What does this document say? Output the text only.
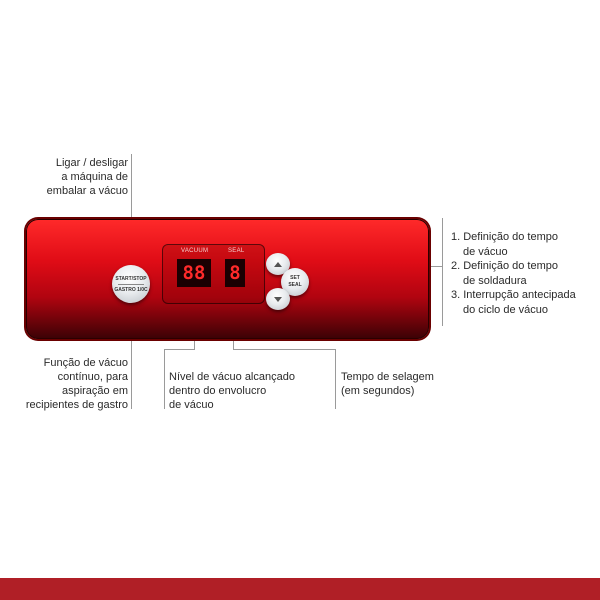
Ligar / desligar
a máquina de
embalar a vácuo
Função de vácuo
contínuo, para
aspiração em
recipientes de gastro
Nível de vácuo alcançado
dentro do envolucro
de vácuo
Tempo de selagem
(em segundos)
1. Definição do tempo
de vácuo
2. Definição do tempo
de soldadura
3. Interrupção antecipada
do ciclo de vácuo
START/STOP
GASTRO 1/0C
VACUUM	SEAL
88 8	SET
SEAL
